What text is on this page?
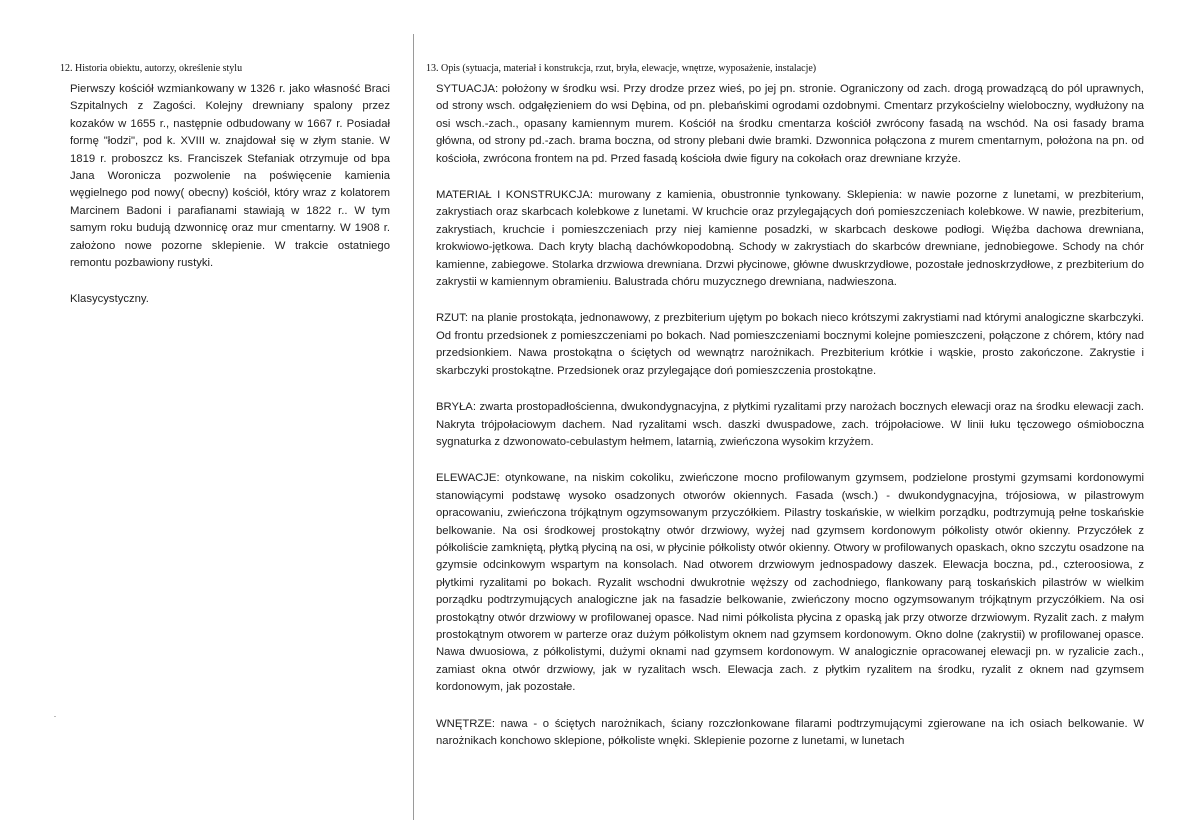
12. Historia obiektu, autorzy, określenie stylu

Pierwszy kościół wzmiankowany w 1326 r. jako własność Braci Szpitalnych z Zagości. Kolejny drewniany spalony przez kozaków w 1655 r., następnie odbudowany w 1667 r. Posiadał formę "łodzi", pod k. XVIII w. znajdował się w złym stanie. W 1819 r. proboszcz ks. Franciszek Stefaniak otrzymuje od bpa Jana Woronicza pozwolenie na poświęcenie kamienia węgielnego pod nowy( obecny) kościół, który wraz z kolatorem Marcinem Badoni i parafianami stawiają w 1822 r.. W tym samym roku budują dzwonnicę oraz mur cmentarny. W 1908 r. założono nowe pozorne sklepienie. W trakcie ostatniego remontu pozbawiony rustyki.

Klasycystyczny.

13. Opis (sytuacja, materiał i konstrukcja, rzut, bryła, elewacje, wnętrze, wyposażenie, instalacje)

SYTUACJA: położony w środku wsi. Przy drodze przez wieś, po jej pn. stronie. Ograniczony od zach. drogą prowadzącą do pól uprawnych, od strony wsch. odgałęzieniem do wsi Dębina, od pn. plebańskimi ogrodami ozdobnymi. Cmentarz przykościelny wieloboczny, wydłużony na osi wsch.-zach., opasany kamiennym murem. Kościół na środku cmentarza kościół zwrócony fasadą na wschód. Na osi fasady brama główna, od strony pd.-zach. brama boczna, od strony plebani dwie bramki. Dzwonnica połączona z murem cmentarnym, położona na pn. od kościoła, zwrócona frontem na pd. Przed fasadą kościoła dwie figury na cokołach oraz drewniane krzyże.

MATERIAŁ I KONSTRUKCJA: murowany z kamienia, obustronnie tynkowany. Sklepienia: w nawie pozorne z lunetami, w prezbiterium, zakrystiach oraz skarbcach kolebkowe z lunetami. W kruchcie oraz przylegających doń pomieszczeniach kolebkowe. W nawie, prezbiterium, zakrystiach, kruchcie i pomieszczeniach przy niej kamienne posadzki, w skarbcach deskowe podłogi. Więźba dachowa drewniana, krokwiowo-jętkowa. Dach kryty blachą dachówkopodobną. Schody w zakrystiach do skarbców drewniane, jednobiegowe. Schody na chór kamienne, zabiegowe. Stolarka drzwiowa drewniana. Drzwi płycinowe, główne dwuskrzydłowe, pozostałe jednoskrzydłowe, z prezbiterium do zakrystii w kamiennym obramieniu. Balustrada chóru muzycznego drewniana, nadwieszona.

RZUT: na planie prostokąta, jednonawowy, z prezbiterium ujętym po bokach nieco krótszymi zakrystiami nad którymi analogiczne skarbczyki. Od frontu przedsionek z pomieszczeniami po bokach. Nad pomieszczeniami bocznymi kolejne pomieszczeni, połączone z chórem, który nad przedsionkiem. Nawa prostokątna o ściętych od wewnątrz narożnikach. Prezbiterium krótkie i wąskie, prosto zakończone. Zakrystie i skarbczyki prostokątne. Przedsionek oraz przylegające doń pomieszczenia prostokątne.

BRYŁA: zwarta prostopadłościenna, dwukondygnacyjna, z płytkimi ryzalitami przy narożach bocznych elewacji oraz na środku elewacji zach. Nakryta trójpołaciowym dachem. Nad ryzalitami wsch. daszki dwuspadowe, zach. trójpołaciowe. W linii łuku tęczowego ośmioboczna sygnaturka z dzwonowato-cebulastym hełmem, latarnią, zwieńczona wysokim krzyżem.

ELEWACJE: otynkowane, na niskim cokoliku, zwieńczone mocno profilowanym gzymsem, podzielone prostymi gzymsami kordonowymi stanowiącymi podstawę wysoko osadzonych otworów okiennych. Fasada (wsch.) - dwukondygnacyjna, trójosiowa, w pilastrowym opracowaniu, zwieńczona trójkątnym ogzymsowanym przyczółkiem. Pilastry toskańskie, w wielkim porządku, podtrzymują pełne toskańskie belkowanie. Na osi środkowej prostokątny otwór drzwiowy, wyżej nad gzymsem kordonowym półkolisty otwór okienny. Przyczółek z półkoliście zamkniętą, płytką płyciną na osi, w płycinie półkolisty otwór okienny. Otwory w profilowanych opaskach, okno szczytu osadzone na gzymsie odcinkowym wspartym na konsolach. Nad otworem drzwiowym jednospadowy daszek. Elewacja boczna, pd., czteroosiowa, z płytkimi ryzalitami po bokach. Ryzalit wschodni dwukrotnie węższy od zachodniego, flankowany parą toskańskich pilastrów w wielkim porządku podtrzymujących analogiczne jak na fasadzie belkowanie, zwieńczony mocno ogzymsowanym trójkątnym przyczółkiem. Na osi prostokątny otwór drzwiowy w profilowanej opasce. Nad nimi półkolista płycina z opaską jak przy otworze drzwiowym. Ryzalit zach. z małym prostokątnym otworem w parterze oraz dużym półkolistym oknem nad gzymsem kordonowym. Okno dolne (zakrystii) w profilowanej opasce. Nawa dwuosiowa, z półkolistymi, dużymi oknami nad gzymsem kordonowym. W analogicznie opracowanej elewacji pn. w ryzalicie zach., zamiast okna otwór drzwiowy, jak w ryzalitach wsch. Elewacja zach. z płytkim ryzalitem na środku, ryzalit z oknem nad gzymsem kordonowym, jak pozostałe.

WNĘTRZE: nawa - o ściętych narożnikach, ściany rozczłonkowane filarami podtrzymującymi zgierowane na ich osiach belkowanie. W narożnikach konchowo sklepione, półkoliste wnęki. Sklepienie pozorne z lunetami, w lunetach
